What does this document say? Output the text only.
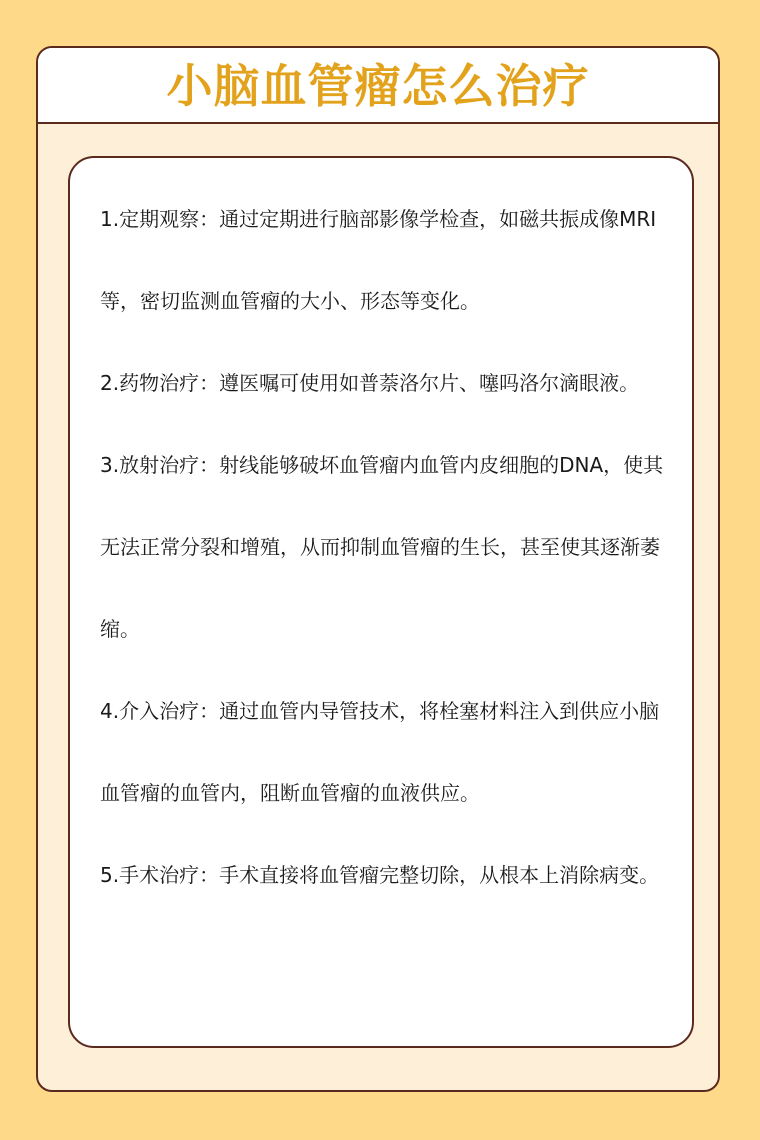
小脑血管瘤怎么治疗

1.定期观察：通过定期进行脑部影像学检查，如磁共振成像MRI等，密切监测血管瘤的大小、形态等变化。

2.药物治疗：遵医嘱可使用如普萘洛尔片、噻吗洛尔滴眼液。

3.放射治疗：射线能够破坏血管瘤内血管内皮细胞的DNA，使其无法正常分裂和增殖，从而抑制血管瘤的生长，甚至使其逐渐萎缩。

4.介入治疗：通过血管内导管技术，将栓塞材料注入到供应小脑血管瘤的血管内，阻断血管瘤的血液供应。

5.手术治疗：手术直接将血管瘤完整切除，从根本上消除病变。
